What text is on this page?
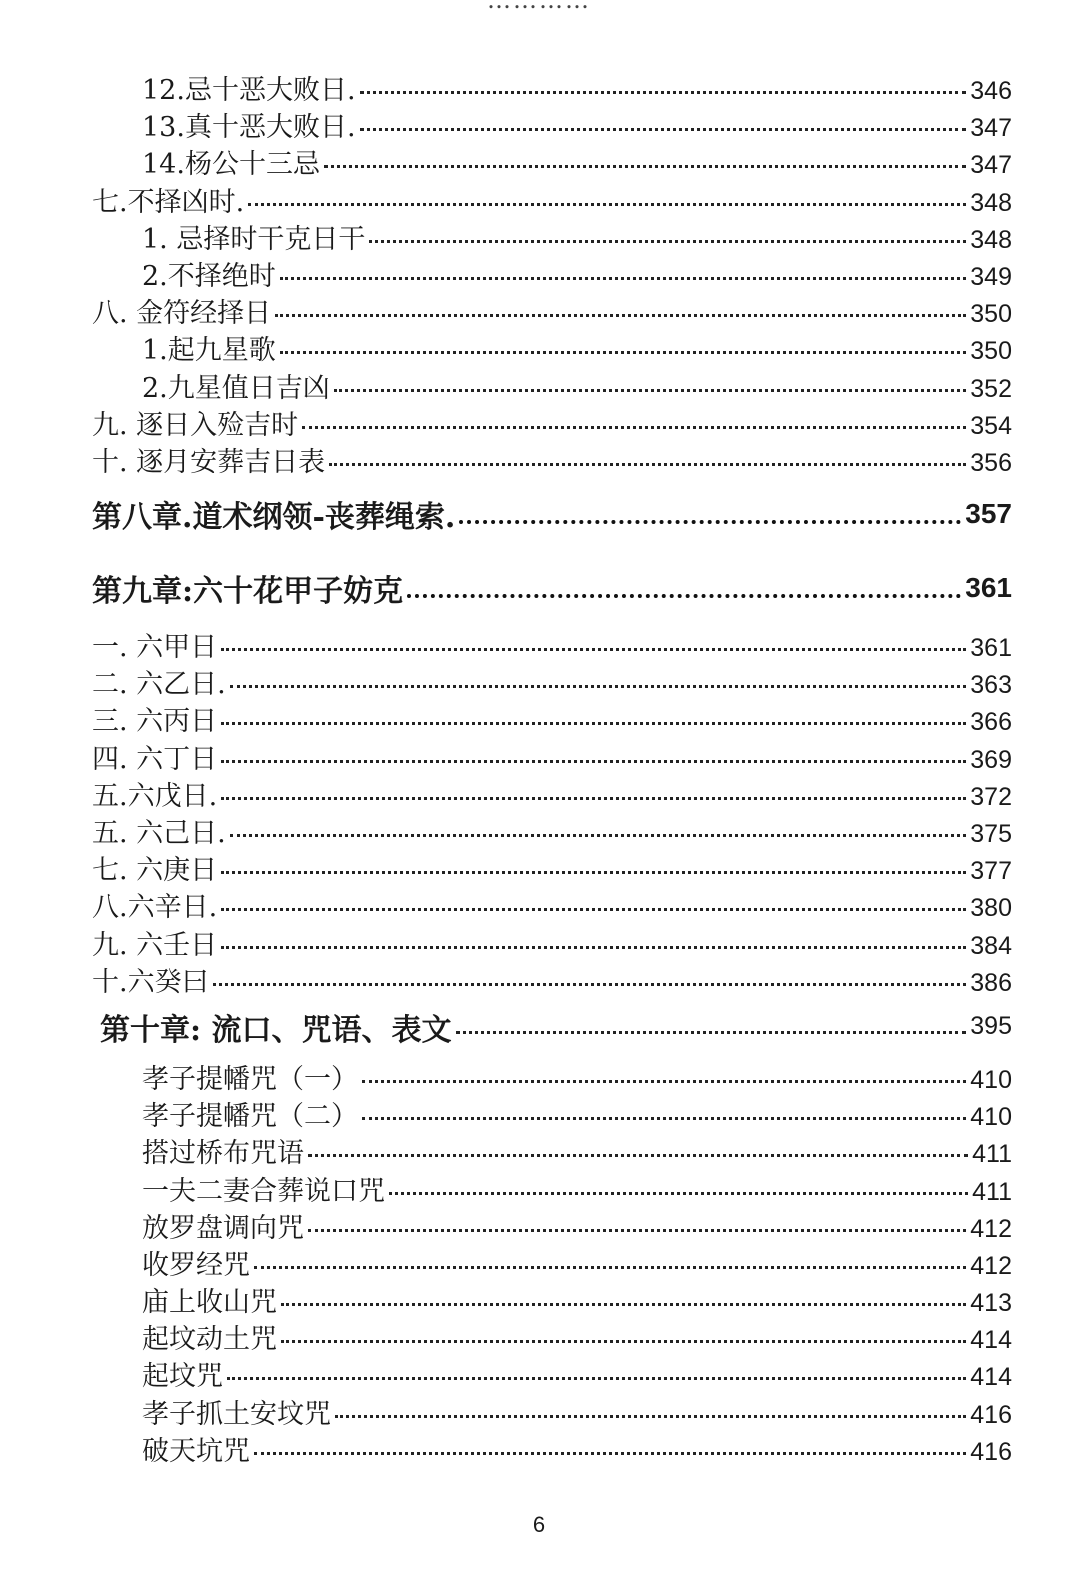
…………
12.忌十恶大败日.	346
13.真十恶大败日.	347
14.杨公十三忌	347
七.不择凶时.	348
1. 忌择时干克日干	348
2.不择绝时	349
八. 金符经择日	350
1.起九星歌	350
2.九星值日吉凶	352
九. 逐日入殓吉时	354
十. 逐月安葬吉日表	356
第八章.道术纲领-丧葬绳索.	357
第九章:六十花甲子妨克	361
一. 六甲日	361
二. 六乙日.	363
三. 六丙日	366
四. 六丁日	369
五.六戊日.	372
五. 六己日.	375
七. 六庚日	377
八.六辛日.	380
九. 六壬日	384
十.六癸曰	386
第十章: 流口、咒语、表文	395
孝子提幡咒（一）	410
孝子提幡咒（二）	410
搭过桥布咒语	411
一夫二妻合葬说口咒	411
放罗盘调向咒	412
收罗经咒	412
庙上收山咒	413
起坟动土咒	414
起坟咒	414
孝子抓土安坟咒	416
破天坑咒	416
6
